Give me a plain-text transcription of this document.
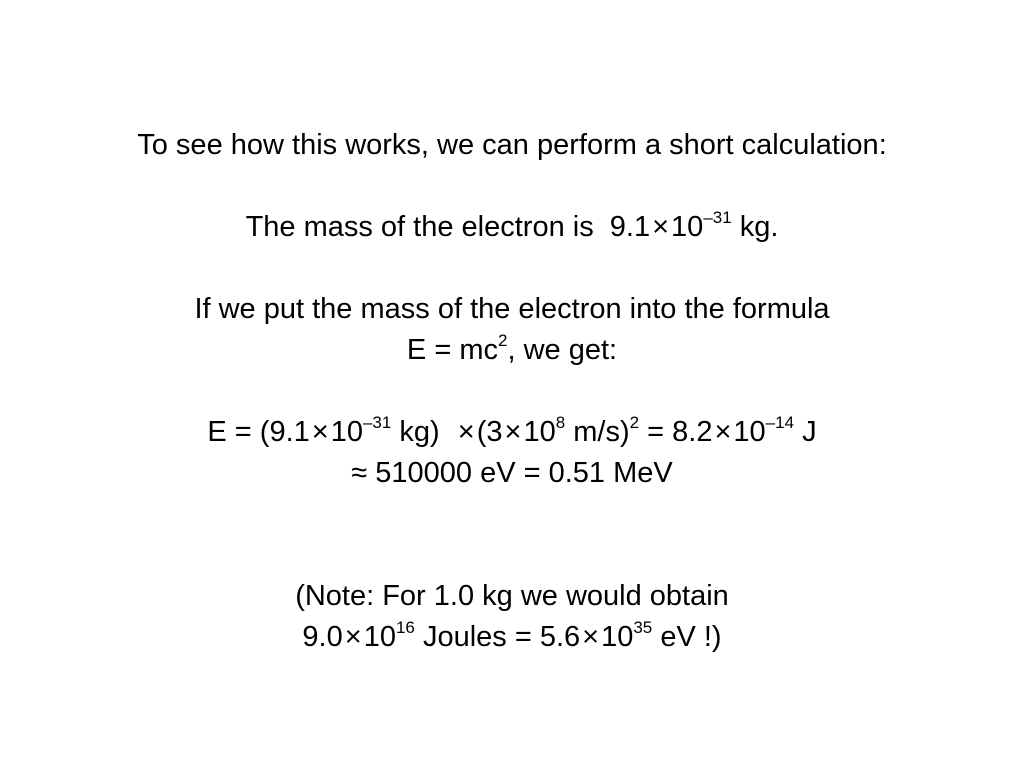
To see how this works, we can perform a short calculation:
The mass of the electron is $9.1\times 10^{-31}$ kg.
If we put the mass of the electron into the formula
$E = mc^2$, we get:
$E = (9.1\times 10^{-31}$ $kg) \times(3\times 10^8$ $m/s)^2 = 8.2\times 10^{-14}$ J
≈ 510000 eV = 0.51 MeV
(Note: For 1.0 kg we would obtain
$9.0\times 10^{16}$ Joules = $5.6\times 10^{35}$ eV !)
